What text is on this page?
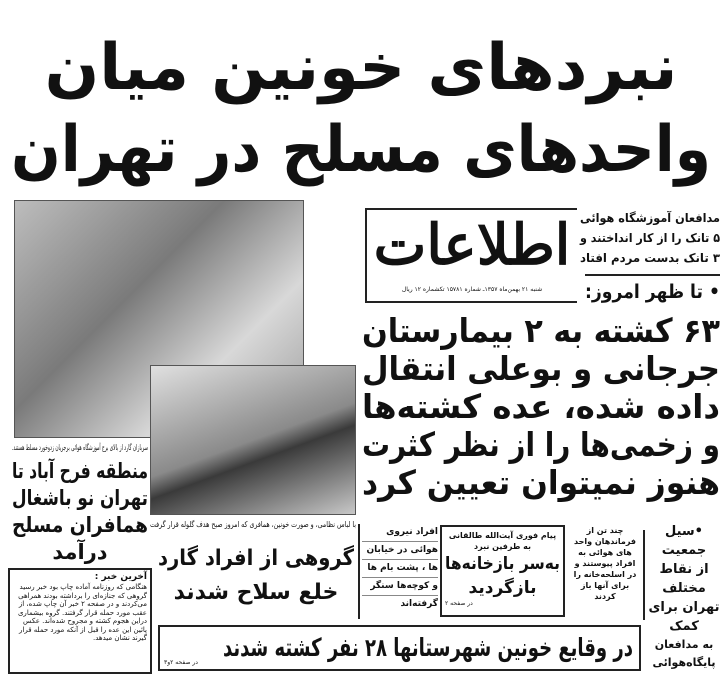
نبردهای خونین میان
واحدهای مسلح در تهران
با لباس نظامی، و صورت خونین، همافری که امروز صبح هدف گلوله قرار گرفت
اطلاعات
شنبه ۲۱ بهمن‌ماه ۱۳۵۷ـ شماره ۱۵۷۸۱ تکشماره ۱۲ ریال
مدافعان آموزشگاه هوائی
۵ تانک را از کار انداختند و
۳ تانک بدست مردم افتاد
• تا ظهر امروز:
۶۳ کشته به ۲ بیمارستان
جرجانی و بوعلی انتقال
داده شده، عده کشته‌ها
و زخمی‌ها را از نظر کثرت
هنوز نمیتوان تعیین کرد
سربازان گارد از بالای برج آموزشگاه هوائی برجریان زدوخورد مسلط هستند.
منطقه فرح آباد تا
تهران نو باشغال
همافران مسلح
درآمد
آخرین خبر :
هنگامی که روزنامه آماده چاپ بود خبر رسید گروهی که جنازه‌ای را برداشته بودند همراهی می‌کردند و در صفحه ۲ خبر آن چاپ شده، از عقب مورد حمله قرار گرفتند. گروه بیشماری دراین هجوم کشته و مجروح شده‌اند. عکس پائین این عده را قبل از آنکه مورد حمله قرار گیرند نشان میدهد.
گروهی از افراد گارد
خلع سلاح شدند
افراد نیروی
هوائی در خیابان
ها ، پشت بام ها
و کوچه‌ها سنگر
گرفته‌اند
پیام فوری آیت‌الله طالقانی
به طرفین نبرد
به‌سر بازخانه‌ها
بازگردید
در صفحه ۲
چند تن از
فرماندهان واحد
های هوائی به
افراد پیوستند و
در اسلحه‌خانه را
برای آنها باز
کردند
•سیل
جمعیت
از نقاط
مختلف
تهران برای
کمک
به مدافعان
پایگاه‌هوائی
در وقایع خونین شهرستانها ۲۸ نفر کشته شدند
در صفحه ۲و۳
